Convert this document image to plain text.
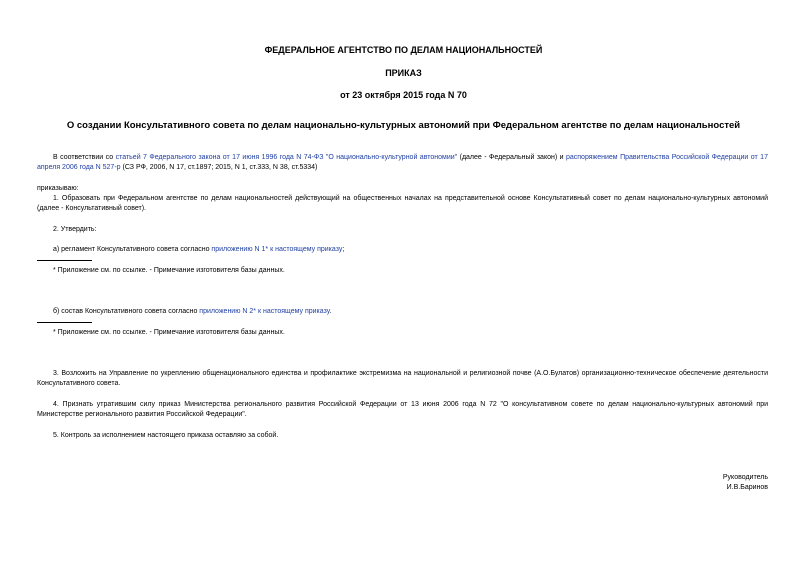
ФЕДЕРАЛЬНОЕ АГЕНТСТВО ПО ДЕЛАМ НАЦИОНАЛЬНОСТЕЙ
ПРИКАЗ
от 23 октября 2015 года N 70
О создании Консультативного совета по делам национально-культурных автономий при Федеральном агентстве по делам национальностей
В соответствии со статьей 7 Федерального закона от 17 июня 1996 года N 74-ФЗ "О национально-культурной автономии" (далее - Федеральный закон) и распоряжением Правительства Российской Федерации от 17 апреля 2006 года N 527-р (СЗ РФ, 2006, N 17, ст.1897; 2015, N 1, ст.333, N 38, ст.5334)
приказываю:
1. Образовать при Федеральном агентстве по делам национальностей действующий на общественных началах на представительной основе Консультативный совет по делам национально-культурных автономий (далее - Консультативный совет).
2. Утвердить:
а) регламент Консультативного совета согласно приложению N 1* к настоящему приказу;
* Приложение см. по ссылке. - Примечание изготовителя базы данных.
б) состав Консультативного совета согласно приложению N 2* к настоящему приказу.
* Приложение см. по ссылке. - Примечание изготовителя базы данных.
3. Возложить на Управление по укреплению общенационального единства и профилактике экстремизма на национальной и религиозной почве (А.О.Булатов) организационно-техническое обеспечение деятельности Консультативного совета.
4. Признать утратившим силу приказ Министерства регионального развития Российской Федерации от 13 июня 2006 года N 72 "О консультативном совете по делам национально-культурных автономий при Министерстве регионального развития Российской Федерации".
5. Контроль за исполнением настоящего приказа оставляю за собой.
Руководитель
И.В.Баринов
